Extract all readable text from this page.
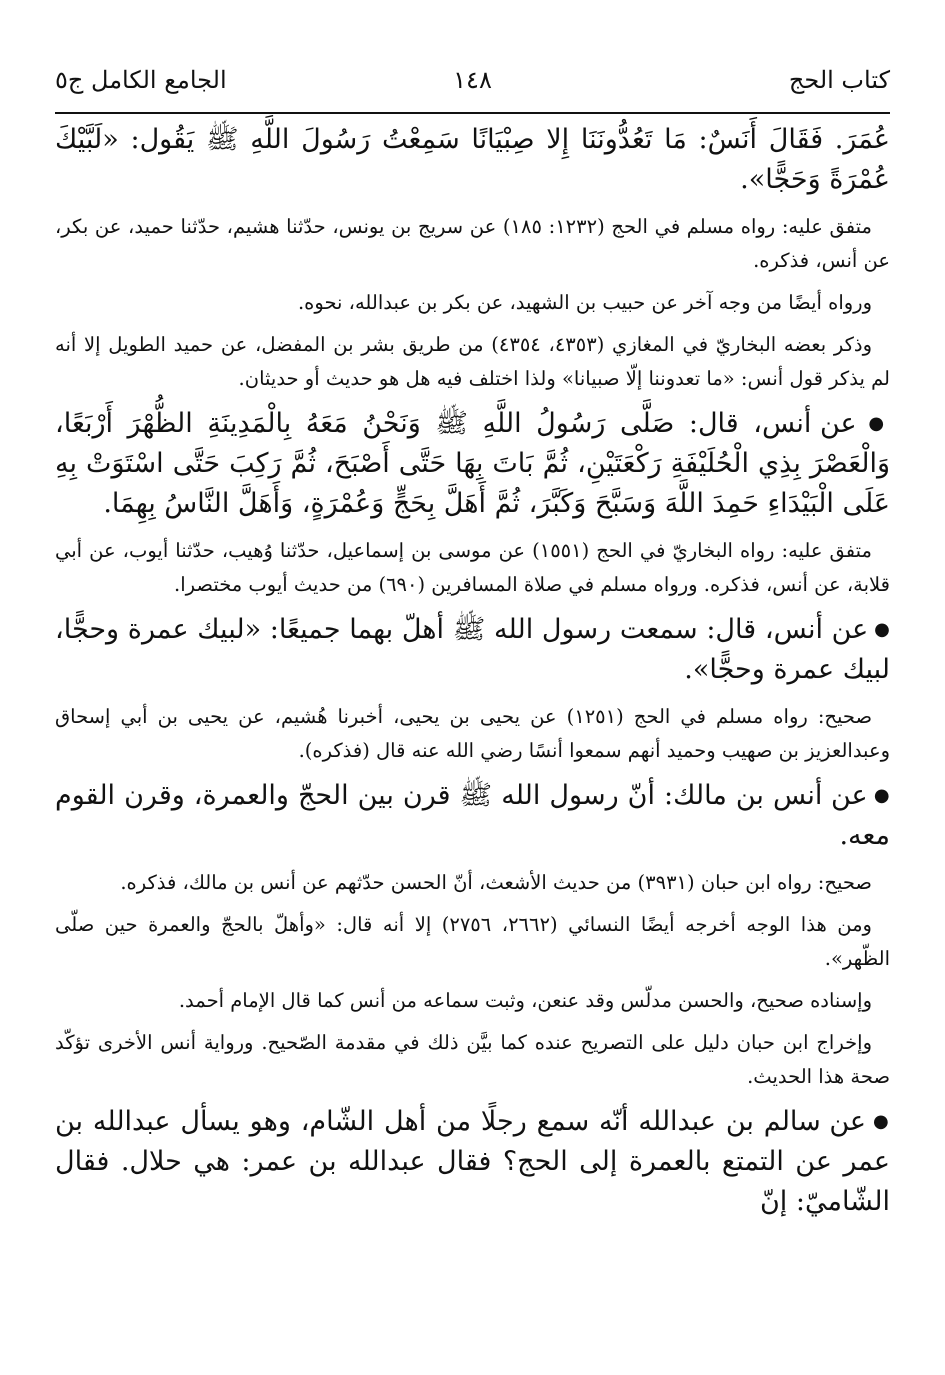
كتاب الحج
١٤٨
الجامع الكامل ج٥

عُمَرَ. فَقَالَ أَنَسٌ: مَا تَعُدُّونَنَا إِلا صِبْيَانًا سَمِعْتُ رَسُولَ اللَّهِ ﷺ يَقُول: «لَبَّيْكَ عُمْرَةً وَحَجًّا».

متفق عليه: رواه مسلم في الحج (١٢٣٢: ١٨٥) عن سريج بن يونس، حدّثنا هشيم، حدّثنا حميد، عن بكر، عن أنس، فذكره.

ورواه أيضًا من وجه آخر عن حبيب بن الشهيد، عن بكر بن عبدالله، نحوه.

وذكر بعضه البخاريّ في المغازي (٤٣٥٣، ٤٣٥٤) من طريق بشر بن المفضل، عن حميد الطويل إلا أنه لم يذكر قول أنس: «ما تعدوننا إلّا صبيانا» ولذا اختلف فيه هل هو حديث أو حديثان.

● عن أنس، قال: صَلَّى رَسُولُ اللَّهِ ﷺ وَنَحْنُ مَعَهُ بِالْمَدِينَةِ الظُّهْرَ أَرْبَعًا، وَالْعَصْرَ بِذِي الْحُلَيْفَةِ رَكْعَتَيْنِ، ثُمَّ بَاتَ بِهَا حَتَّى أَصْبَحَ، ثُمَّ رَكِبَ حَتَّى اسْتَوَتْ بِهِ عَلَى الْبَيْدَاءِ حَمِدَ اللَّهَ وَسَبَّحَ وَكَبَّرَ، ثُمَّ أَهَلَّ بِحَجٍّ وَعُمْرَةٍ، وَأَهَلَّ النَّاسُ بِهِمَا.

متفق عليه: رواه البخاريّ في الحج (١٥٥١) عن موسى بن إسماعيل، حدّثنا وُهيب، حدّثنا أيوب، عن أبي قلابة، عن أنس، فذكره. ورواه مسلم في صلاة المسافرين (٦٩٠) من حديث أيوب مختصرا.

● عن أنس، قال: سمعت رسول الله ﷺ أهلّ بهما جميعًا: «لبيك عمرة وحجًّا، لبيك عمرة وحجًّا».

صحيح: رواه مسلم في الحج (١٢٥١) عن يحيى بن يحيى، أخبرنا هُشيم، عن يحيى بن أبي إسحاق وعبدالعزيز بن صهيب وحميد أنهم سمعوا أنسًا رضي الله عنه قال (فذكره).

● عن أنس بن مالك: أنّ رسول الله ﷺ قرن بين الحجّ والعمرة، وقرن القوم معه.

صحيح: رواه ابن حبان (٣٩٣١) من حديث الأشعث، أنّ الحسن حدّثهم عن أنس بن مالك، فذكره.

ومن هذا الوجه أخرجه أيضًا النسائي (٢٦٦٢، ٢٧٥٦) إلا أنه قال: «وأهلّ بالحجّ والعمرة حين صلّى الظّهر».

وإسناده صحيح، والحسن مدلّس وقد عنعن، وثبت سماعه من أنس كما قال الإمام أحمد.

وإخراج ابن حبان دليل على التصريح عنده كما بيَّن ذلك في مقدمة الصّحيح. ورواية أنس الأخرى تؤكّد صحة هذا الحديث.

● عن سالم بن عبدالله أنّه سمع رجلًا من أهل الشّام، وهو يسأل عبدالله بن عمر عن التمتع بالعمرة إلى الحج؟ فقال عبدالله بن عمر: هي حلال. فقال الشّاميّ: إنّ
